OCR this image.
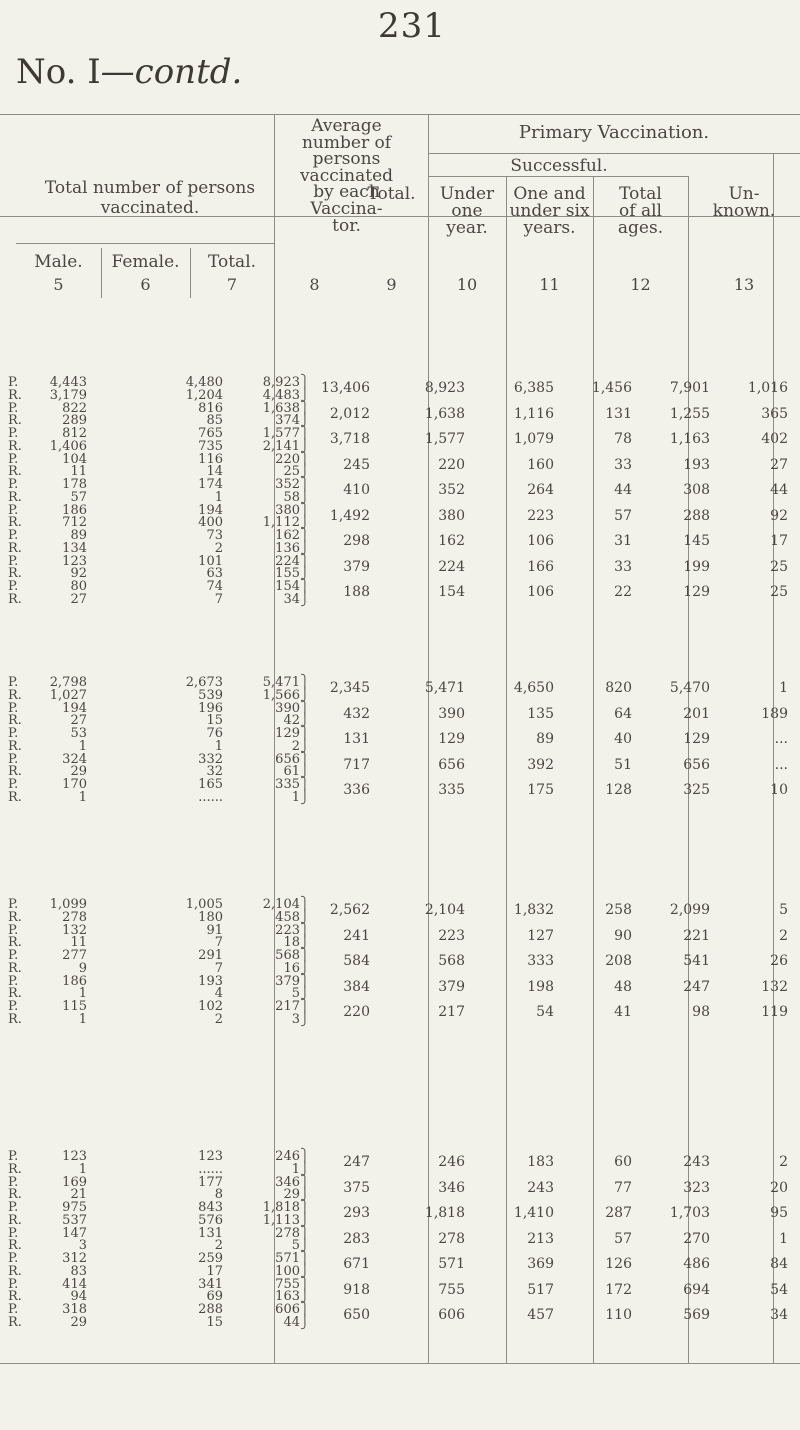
231
No. I—contd.
Total number of persons vaccinated.
Average
number of
persons
vaccinated
by each
Vaccina-
tor.
Primary Vaccination.
Successful.
Male.	Female.	Total.
Total.	Under
one
year.
One and
under six
years.
Total
of all
ages.
Un-
known.
5	6	7	8	9	10	11	12	13
P.	4,443	4,480	8,923 ⎫
R.	3,179	1,204	4,483 ⎭ 13,406	8,923	6,385	1,456	7,901	1,016
P.	822	816	1,638 ⎫
R.	289	85	374 ⎭ 2,012	1,638	1,116	131	1,255	365
P.	812	765	1,577 ⎫
R.	1,406	735	2,141 ⎭ 3,718	1,577	1,079	78	1,163	402
P.	104	116	220 ⎫
R.	11	14	25 ⎭ 245	220	160	33	193	27
P.	178	174	352 ⎫
R.	57	1	58 ⎭ 410	352	264	44	308	44
P.	186	194	380 ⎫
R.	712	400	1,112 ⎭ 1,492	380	223	57	288	92
P.	89	73	162 ⎫
R.	134	2	136 ⎭ 298	162	106	31	145	17
P.	123	101	224 ⎫
R.	92	63	155 ⎭ 379	224	166	33	199	25
P.	80	74	154 ⎫
R.	27	7	34 ⎭ 188	154	106	22	129	25
P.	2,798	2,673	5,471 ⎫
R.	1,027	539	1,566 ⎭ 2,345	5,471	4,650	820	5,470	1
P.	194	196	390 ⎫
R.	27	15	42 ⎭ 432	390	135	64	201	189
P.	53	76	129 ⎫
R.	1	1	2 ⎭ 131	129	89	40	129	...
P.	324	332	656 ⎫
R.	29	32	61 ⎭ 717	656	392	51	656	...
P.	170	165	335 ⎫
R.	1	......	1 ⎭ 336	335	175	128	325	10
P.	1,099	1,005	2,104 ⎫
R.	278	180	458 ⎭ 2,562	2,104	1,832	258	2,099	5
P.	132	91	223 ⎫
R.	11	7	18 ⎭ 241	223	127	90	221	2
P.	277	291	568 ⎫
R.	9	7	16 ⎭ 584	568	333	208	541	26
P.	186	193	379 ⎫
R.	1	4	5 ⎭ 384	379	198	48	247	132
P.	115	102	217 ⎫
R.	1	2	3 ⎭ 220	217	54	41	98	119
P.	123	123	246 ⎫
R.	1	......	1 ⎭ 247	246	183	60	243	2
P.	169	177	346 ⎫
R.	21	8	29 ⎭ 375	346	243	77	323	20
P.	975	843	1,818 ⎫
R.	537	576	1,113 ⎭ 293	1,818	1,410	287	1,703	95
P.	147	131	278 ⎫
R.	3	2	5 ⎭ 283	278	213	57	270	1
P.	312	259	571 ⎫
R.	83	17	100 ⎭ 671	571	369	126	486	84
P.	414	341	755 ⎫
R.	94	69	163 ⎭ 918	755	517	172	694	54
P.	318	288	606 ⎫
R.	29	15	44 ⎭ 650	606	457	110	569	34
